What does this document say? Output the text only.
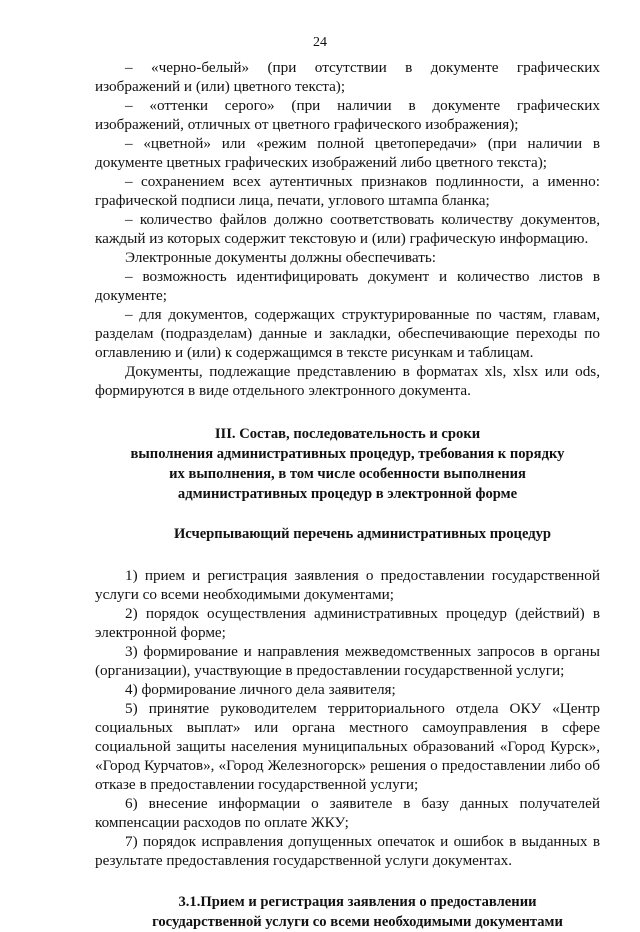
24

– «черно-белый» (при отсутствии в документе графических изображений и (или) цветного текста);

– «оттенки серого» (при наличии в документе графических изображений, отличных от цветного графического изображения);

– «цветной» или «режим полной цветопередачи» (при наличии в документе цветных графических изображений либо цветного текста);

– сохранением всех аутентичных признаков подлинности, а именно: графической подписи лица, печати, углового штампа бланка;

– количество файлов должно соответствовать количеству документов, каждый из которых содержит текстовую и (или) графическую информацию.

Электронные документы должны обеспечивать:

– возможность идентифицировать документ и количество листов в документе;

– для документов, содержащих структурированные по частям, главам, разделам (подразделам) данные и закладки, обеспечивающие переходы по оглавлению и (или) к содержащимся в тексте рисункам и таблицам.

Документы, подлежащие представлению в форматах xls, xlsx или ods, формируются в виде отдельного электронного документа.

III. Состав, последовательность и сроки

выполнения административных процедур, требования к порядку

их выполнения, в том числе особенности выполнения

административных процедур в электронной форме

Исчерпывающий перечень административных процедур

1) прием и регистрация заявления о предоставлении государственной услуги со всеми необходимыми документами;

2) порядок осуществления административных процедур (действий) в электронной форме;

3) формирование и направления межведомственных запросов в органы (организации), участвующие в предоставлении государственной услуги;

4) формирование личного дела заявителя;

5) принятие руководителем территориального отдела ОКУ «Центр социальных выплат» или органа местного самоуправления в сфере социальной защиты населения муниципальных образований «Город Курск», «Город Курчатов», «Город Железногорск» решения о предоставлении либо об отказе в предоставлении государственной услуги;

6) внесение информации о заявителе в базу данных получателей компенсации расходов по оплате ЖКУ;

7) порядок исправления допущенных опечаток и ошибок в выданных в результате предоставления государственной услуги документах.

3.1.Прием и регистрация заявления о предоставлении

государственной услуги со всеми необходимыми документами
